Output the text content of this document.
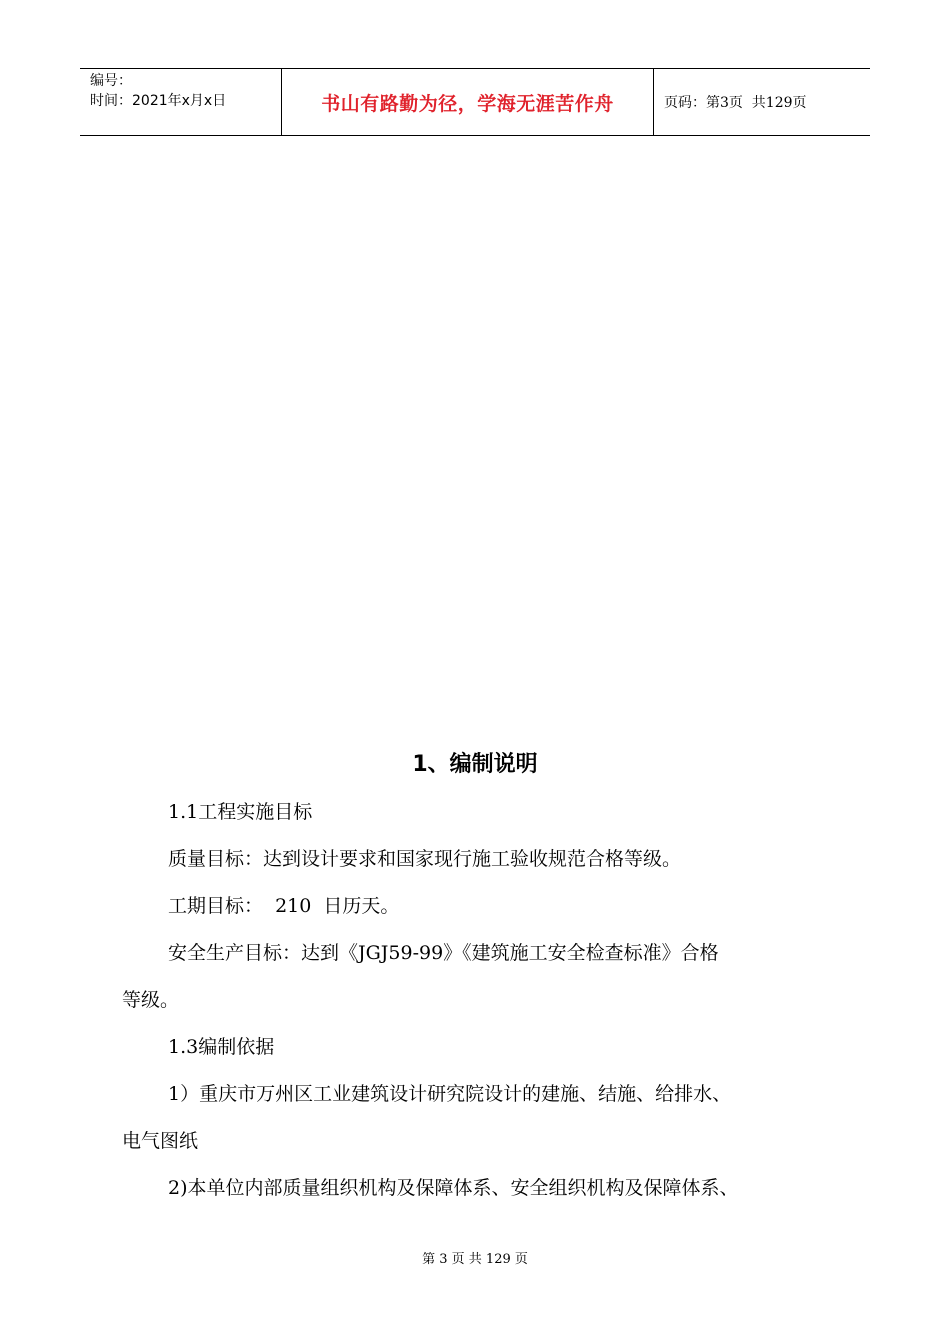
编号：
时间：2021年x月x日	书山有路勤为径，学海无涯苦作舟	页码：第3页  共129页
1、编制说明
1.1工程实施目标
质量目标：达到设计要求和国家现行施工验收规范合格等级。
工期目标：  210  日历天。
安全生产目标：达到《JGJ59-99》《建筑施工安全检查标准》合格
等级。
1.3编制依据
1）重庆市万州区工业建筑设计研究院设计的建施、结施、给排水、
电气图纸
2)本单位内部质量组织机构及保障体系、安全组织机构及保障体系、
第 3 页 共 129 页
